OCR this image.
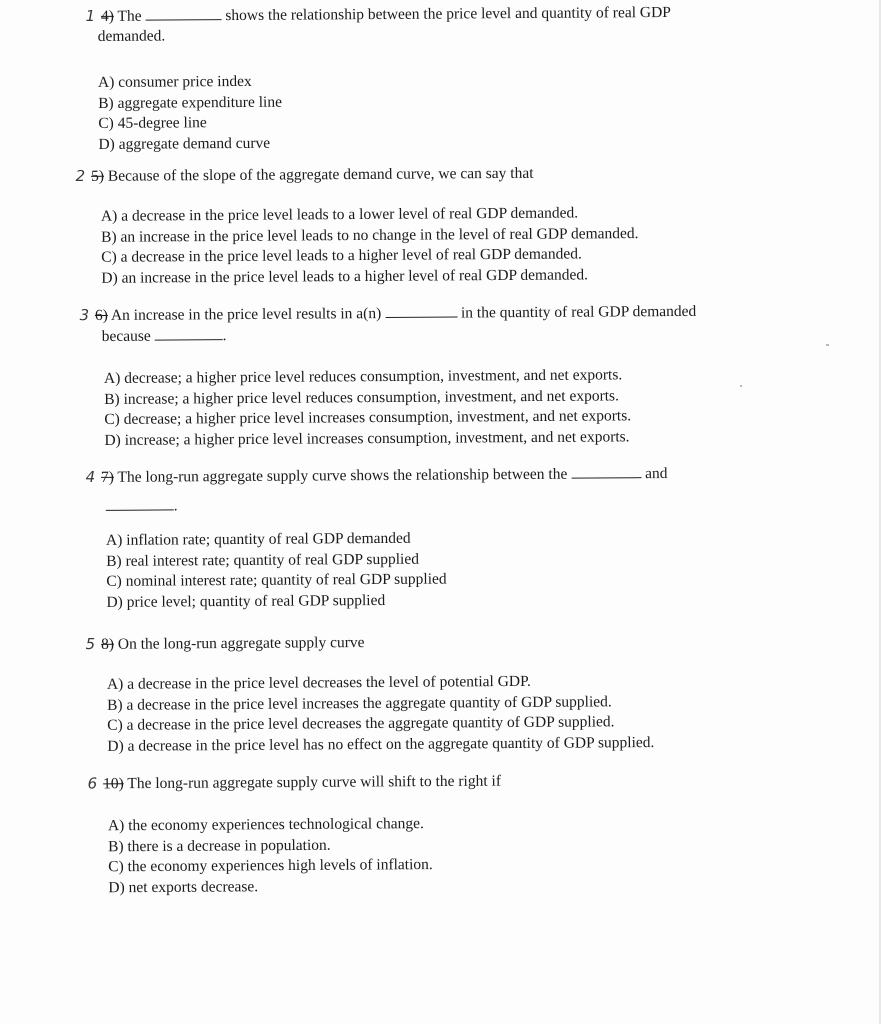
1 4) The	shows the relationship between the price level and quantity of real GDP
demanded.
A) consumer price index
B) aggregate expenditure line
C) 45-degree line
D) aggregate demand curve
2 5) Because of the slope of the aggregate demand curve, we can say that
A) a decrease in the price level leads to a lower level of real GDP demanded.
B) an increase in the price level leads to no change in the level of real GDP demanded.
C) a decrease in the price level leads to a higher level of real GDP demanded.
D) an increase in the price level leads to a higher level of real GDP demanded.
3 6) An increase in the price level results in a(n)	in the quantity of real GDP demanded
because	.
A) decrease; a higher price level reduces consumption, investment, and net exports.
B) increase; a higher price level reduces consumption, investment, and net exports.
C) decrease; a higher price level increases consumption, investment, and net exports.
D) increase; a higher price level increases consumption, investment, and net exports.
4 7) The long-run aggregate supply curve shows the relationship between the	and
.
A) inflation rate; quantity of real GDP demanded
B) real interest rate; quantity of real GDP supplied
C) nominal interest rate; quantity of real GDP supplied
D) price level; quantity of real GDP supplied
5 8) On the long-run aggregate supply curve
A) a decrease in the price level decreases the level of potential GDP.
B) a decrease in the price level increases the aggregate quantity of GDP supplied.
C) a decrease in the price level decreases the aggregate quantity of GDP supplied.
D) a decrease in the price level has no effect on the aggregate quantity of GDP supplied.
6 10) The long-run aggregate supply curve will shift to the right if
A) the economy experiences technological change.
B) there is a decrease in population.
C) the economy experiences high levels of inflation.
D) net exports decrease.
